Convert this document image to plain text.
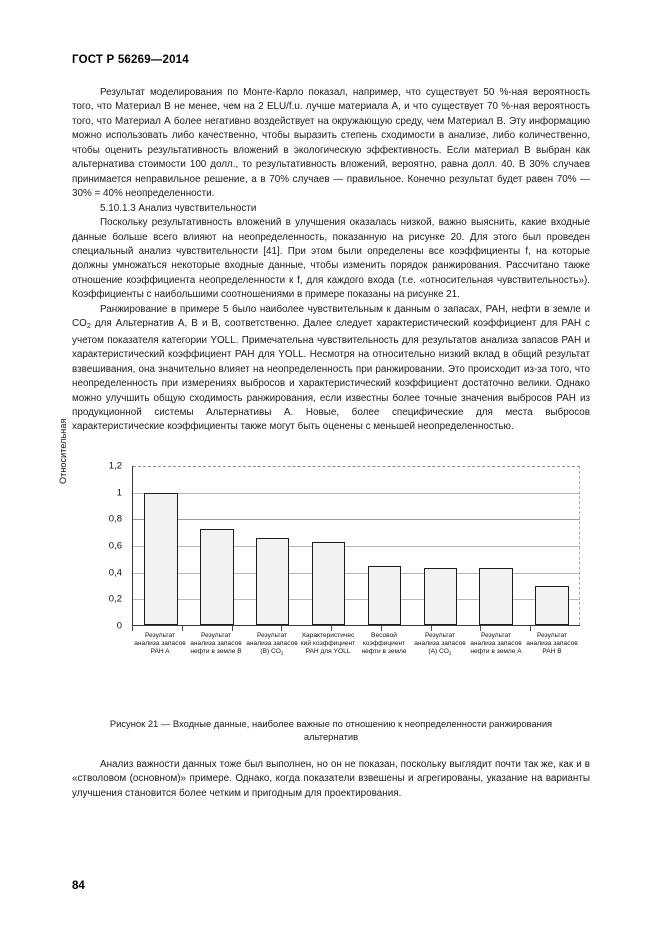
ГОСТ Р 56269—2014

Результат моделирования по Монте-Карло показал, например, что существует 50 %-ная вероятность того, что Материал В не менее, чем на 2 ELU/f.u. лучше материала А, и что существует 70 %-ная вероятность того, что Материал А более негативно воздействует на окружающую среду, чем Материал В. Эту информацию можно использовать либо качественно, чтобы выразить степень сходимости в анализе, либо количественно, чтобы оценить результативность вложений в экологическую эффективность. Если материал В выбран как альтернатива стоимости 100 долл., то результативность вложений, вероятно, равна долл. 40. В 30% случаев принимается неправильное решение, а в 70% случаев — правильное. Конечно результат будет равен 70% — 30% = 40% неопределенности.

5.10.1.3 Анализ чувствительности

Поскольку результативность вложений в улучшения оказалась низкой, важно выяснить, какие входные данные больше всего влияют на неопределенность, показанную на рисунке 20. Для этого был проведен специальный анализ чувствительности [41]. При этом были определены все коэффициенты f, на которые должны умножаться некоторые входные данные, чтобы изменить порядок ранжирования. Рассчитано также отношение коэффициента неопределенности к f, для каждого входа (т.е. «относительная чувствительность»). Коэффициенты с наибольшими соотношениями в примере показаны на рисунке 21.

Ранжирование в примере 5 было наиболее чувствительным к данным о запасах, PAH, нефти в земле и $CO_2$ для Альтернатив А, В и В, соответственно. Далее следует характеристический коэффициент для PAH с учетом показателя категории YOLL. Примечательна чувствительность для результатов анализа запасов PAH и характеристический коэффициент PAH для YOLL. Несмотря на относительно низкий вклад в общий результат взвешивания, она значительно влияет на неопределенность при ранжировании. Это происходит из-за того, что неопределенность при измерениях выбросов и характеристический коэффициент достаточно велики. Однако можно улучшить общую сходимость ранжирования, если известны более точные значения выбросов PAH из продукционной системы Альтернативы А. Новые, более специфические для места выбросов характеристические коэффициенты также могут быть оценены с меньшей неопределенностью.

Относительная
0
0,2
0,4
0,6
0,8
1
1,2
Результат анализа запасов PAH A
Результат анализа запасов нефти в земле B
Результат анализа запасов (В) $CO_2$
Характеристический коэффициент PAH для YOLL
Весовой коэффициент нефти в земле
Результат анализа запасов (А) $CO_2$
Результат анализа запасов нефти в земле A
Результат анализа запасов PAH B
Рисунок 21 — Входные данные, наиболее важные по отношению к неопределенности ранжирования альтернатив

Анализ важности данных тоже был выполнен, но он не показан, поскольку выглядит почти так же, как и в «стволовом (основном)» примере. Однако, когда показатели взвешены и агрегированы, указание на варианты улучшения становится более четким и пригодным для проектирования.

84
